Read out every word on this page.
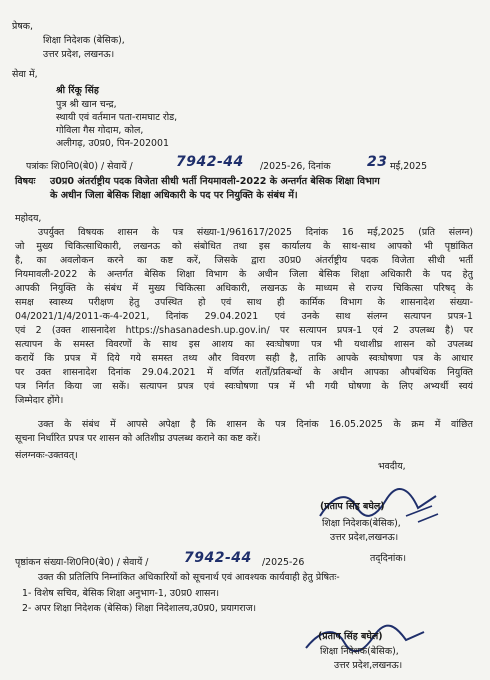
प्रेषक,
शिक्षा निदेशक (बेसिक),
उत्तर प्रदेश, लखनऊ।
सेवा में,
श्री रिंकू सिंह
पुत्र श्री खान चन्द्र,
स्थायी एवं वर्तमान पता-रामघाट रोड,
गोविला गैस गोदाम, कोल,
अलीगढ़, उ0प्र0, पिन-202001
पत्रांकः शि0नि0(बे0) / सेवायें /	7942-44 /2025-26, दिनांक	23 मई,2025
विषयः उ0प्र0 अंतर्राष्ट्रीय पदक विजेता सीधी भर्ती नियमावली-2022 के अन्तर्गत बेसिक शिक्षा विभाग
के अधीन जिला बेसिक शिक्षा अधिकारी के पद पर नियुक्ति के संबंध में।
महोदय,
उपर्युक्त विषयक शासन के पत्र संख्या-1/961617/2025 दिनांक 16 मई,2025 (प्रति संलग्न)
जो मुख्य चिकित्साधिकारी, लखनऊ को संबोधित तथा इस कार्यालय के साथ-साथ आपको भी पृष्ठांकित
है, का अवलोकन करने का कष्ट करें, जिसके द्वारा उ0प्र0 अंतर्राष्ट्रीय पदक विजेता सीधी भर्ती
नियमावली-2022 के अन्तर्गत बेसिक शिक्षा विभाग के अधीन जिला बेसिक शिक्षा अधिकारी के पद हेतु
आपकी नियुक्ति के संबंध में मुख्य चिकित्सा अधिकारी, लखनऊ के माध्यम से राज्य चिकित्सा परिषद् के
समक्ष स्वास्थ्य परीक्षण हेतु उपस्थित हो एवं साथ ही कार्मिक विभाग के शासनादेश संख्या-
04/2021/1/4/2011-क-4-2021, दिनांक 29.04.2021 एवं उनके साथ संलग्न सत्यापन प्रपत्र-1
एवं 2 (उक्त शासनादेश https://shasanadesh.up.gov.in/ पर सत्यापन प्रपत्र-1 एवं 2 उपलब्ध है) पर
सत्यापन के समस्त विवरणों के साथ इस आशय का स्वःघोषणा पत्र भी यथाशीघ्र शासन को उपलब्ध
करायें कि प्रपत्र में दिये गये समस्त तथ्य और विवरण सही है, ताकि आपके स्वःघोषणा पत्र के आधार
पर उक्त शासनादेश दिनांक 29.04.2021 में वर्णित शर्तों/प्रतिबन्धों के अधीन आपका औपबंधिक नियुक्ति
पत्र निर्गत किया जा सकें। सत्यापन प्रपत्र एवं स्वःघोषणा पत्र में भी गयी घोषणा के लिए अभ्यर्थी स्वयं
जिम्मेदार होंगे।
उक्त के संबंध में आपसे अपेक्षा है कि शासन के पत्र दिनांक 16.05.2025 के क्रम में वांछित
सूचना निर्धारित प्रपत्र पर शासन को अतिशीघ्र उपलब्ध कराने का कष्ट करें।
संलग्नकः-उक्तवत्।
भवदीय,
(प्रताप सिंह बघेल)
शिक्षा निदेशक(बेसिक),
उत्तर प्रदेश,लखनऊ।
पृष्ठांकन संख्या-शि0नि0(बे0) / सेवायें /	7942-44 /2025-26	तद्‌दिनांक।
उक्त की प्रतिलिपि निम्नांकित अधिकारियों को सूचनार्थ एवं आवश्यक कार्यवाही हेतु प्रेषितः-
1- विशेष सचिव, बेसिक शिक्षा अनुभाग-1, उ0प्र0 शासन।
2- अपर शिक्षा निदेशक (बेसिक) शिक्षा निदेशालय,उ0प्र0, प्रयागराज।
(प्रताप सिंह बघेल)
शिक्षा निदेशक(बेसिक),
उत्तर प्रदेश,लखनऊ।
